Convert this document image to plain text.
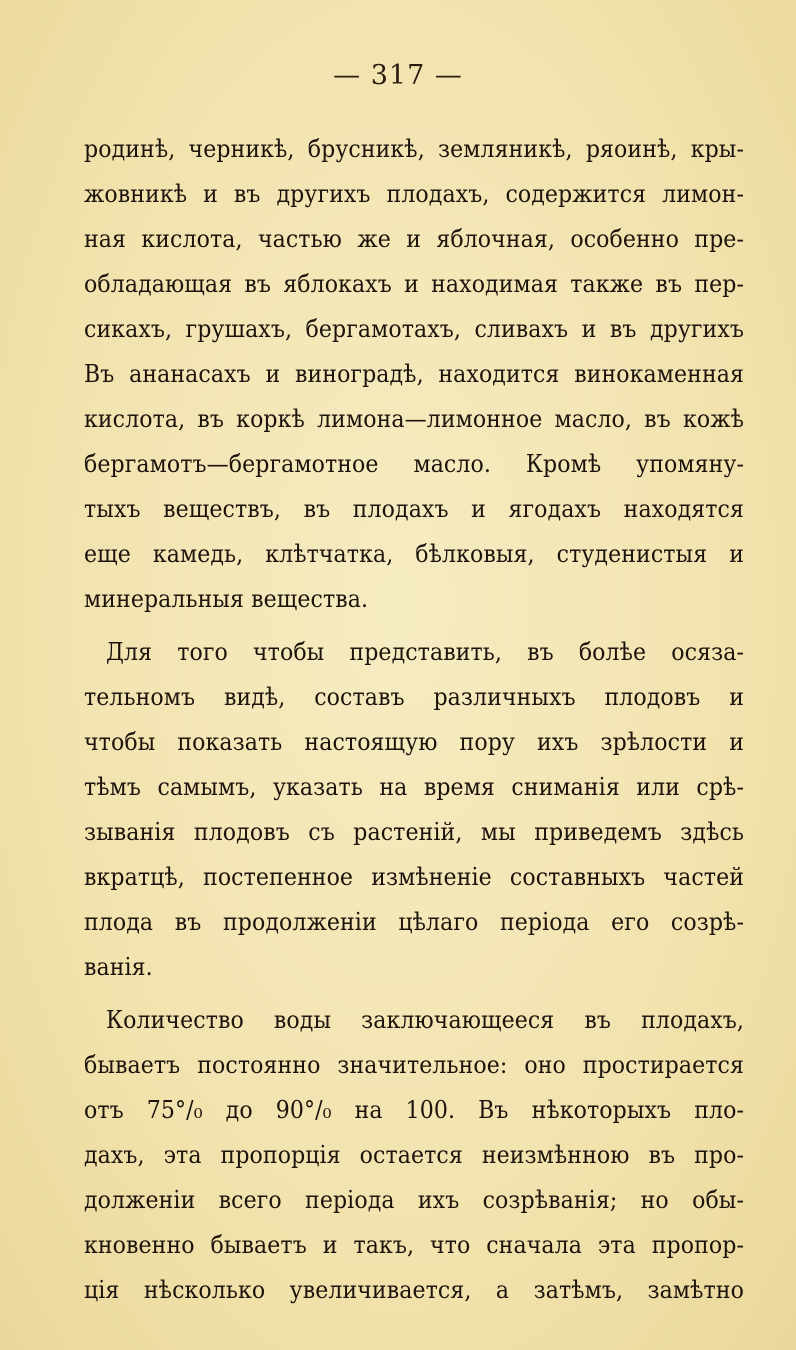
— 317 —
родинѣ, черникѣ, брусникѣ, земляникѣ, ряоинѣ, кры-
жовникѣ и въ другихъ плодахъ, содержится лимон-
ная кислота, частью же и яблочная, особенно пре-
обладающая въ яблокахъ и находимая также въ пер-
сикахъ, грушахъ, бергамотахъ, сливахъ и въ другихъ
Въ ананасахъ и виноградѣ, находится винокаменная
кислота, въ коркѣ лимона—лимонное масло, въ кожѣ
бергамотъ—бергамотное масло. Кромѣ упомяну-
тыхъ веществъ, въ плодахъ и ягодахъ находятся
еще камедь, клѣтчатка, бѣлковыя, студенистыя и
минеральныя вещества.
Для того чтобы представить, въ болѣе осяза-
тельномъ видѣ, составъ различныхъ плодовъ и
чтобы показать настоящую пору ихъ зрѣлости и
тѣмъ самымъ, указать на время сниманія или срѣ-
зыванія плодовъ съ растеній, мы приведемъ здѣсь
вкратцѣ, постепенное измѣненіе составныхъ частей
плода въ продолженіи цѣлаго періода его созрѣ-
ванія.
Количество воды заключающееся въ плодахъ,
бываетъ постоянно значительное: оно простирается
отъ 75°/₀ до 90°/₀ на 100. Въ нѣкоторыхъ пло-
дахъ, эта пропорція остается неизмѣнною въ про-
долженіи всего періода ихъ созрѣванія; но обы-
кновенно бываетъ и такъ, что сначала эта пропор-
ція нѣсколько увеличивается, а затѣмъ, замѣтно
